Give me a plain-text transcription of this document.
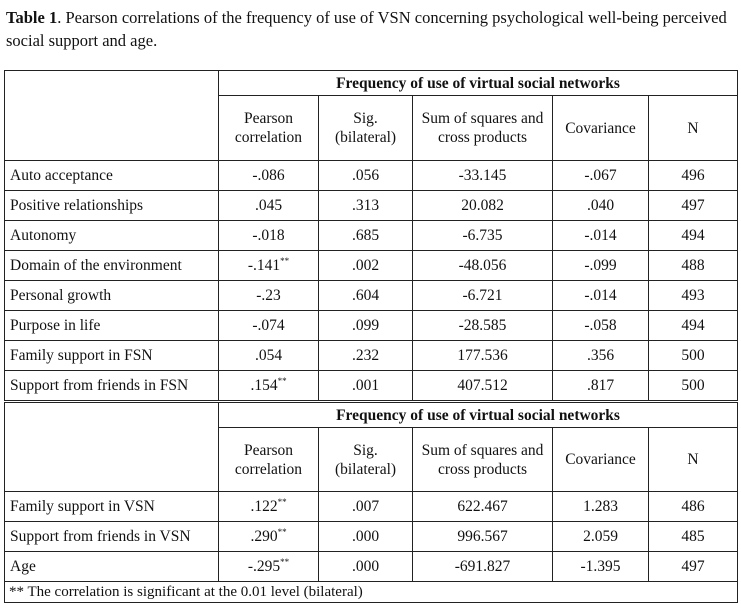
Table 1. Pearson correlations of the frequency of use of VSN concerning psychological well-being perceived social support and age.
	Frequency of use of virtual social networks				
	Pearson correlation	Sig. (bilateral)	Sum of squares and cross products	Covariance	N
Auto acceptance	-.086	.056	-33.145	-.067	496
Positive relationships	.045	.313	20.082	.040	497
Autonomy	-.018	.685	-6.735	-.014	494
Domain of the environment	-.141**	.002	-48.056	-.099	488
Personal growth	-.23	.604	-6.721	-.014	493
Purpose in life	-.074	.099	-28.585	-.058	494
Family support in FSN	.054	.232	177.536	.356	500
Support from friends in FSN	.154**	.001	407.512	.817	500
	Frequency of use of virtual social networks				
	Pearson correlation	Sig. (bilateral)	Sum of squares and cross products	Covariance	N
Family support in VSN	.122**	.007	622.467	1.283	486
Support from friends in VSN	.290**	.000	996.567	2.059	485
Age	-.295**	.000	-691.827	-1.395	497
** The correlation is significant at the 0.01 level (bilateral)					
